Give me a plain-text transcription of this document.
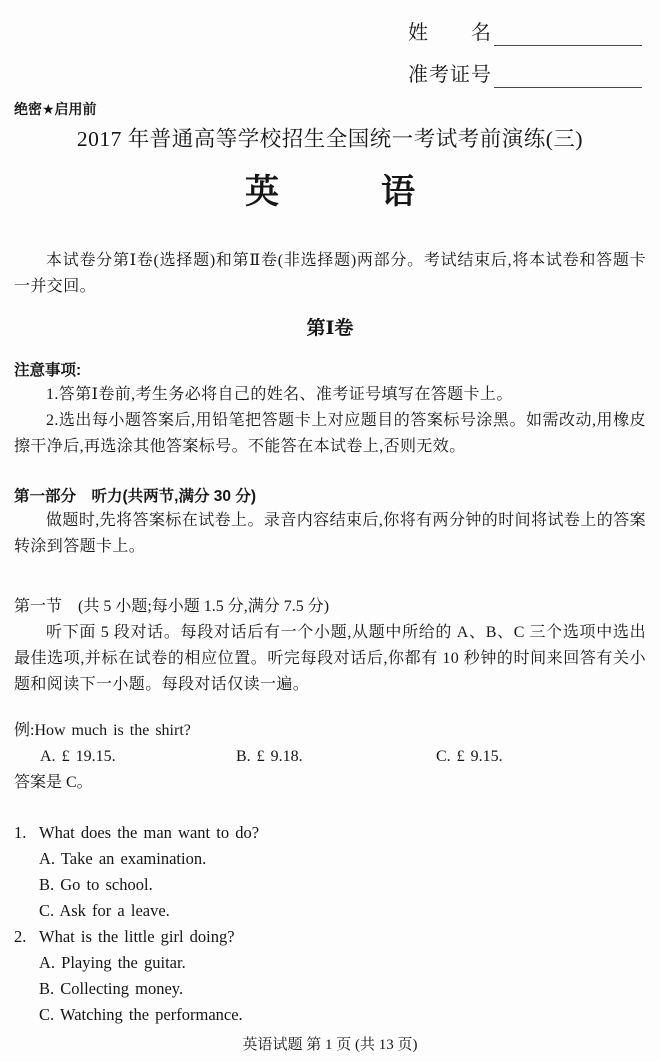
姓　　名
准考证号
绝密★启用前
2017 年普通高等学校招生全国统一考试考前演练(三)
英　　　语

本试卷分第Ⅰ卷(选择题)和第Ⅱ卷(非选择题)两部分。考试结束后,将本试卷和答题卡一并交回。

第Ⅰ卷
注意事项:

1.答第Ⅰ卷前,考生务必将自己的姓名、准考证号填写在答题卡上。

2.选出每小题答案后,用铅笔把答题卡上对应题目的答案标号涂黑。如需改动,用橡皮擦干净后,再选涂其他答案标号。不能答在本试卷上,否则无效。

第一部分　听力(共两节,满分 30 分)

做题时,先将答案标在试卷上。录音内容结束后,你将有两分钟的时间将试卷上的答案转涂到答题卡上。

第一节　(共 5 小题;每小题 1.5 分,满分 7.5 分)

听下面 5 段对话。每段对话后有一个小题,从题中所给的 A、B、C 三个选项中选出最佳选项,并标在试卷的相应位置。听完每段对话后,你都有 10 秒钟的时间来回答有关小题和阅读下一小题。每段对话仅读一遍。

例:How much is the shirt?

A. £ 19.15.	B. £ 9.18.	C. £ 9.15.

答案是 C。

1. What does the man want to do?
A. Take an examination.
B. Go to school.
C. Ask for a leave.
2. What is the little girl doing?
A. Playing the guitar.
B. Collecting money.
C. Watching the performance.
英语试题 第 1 页 (共 13 页)
